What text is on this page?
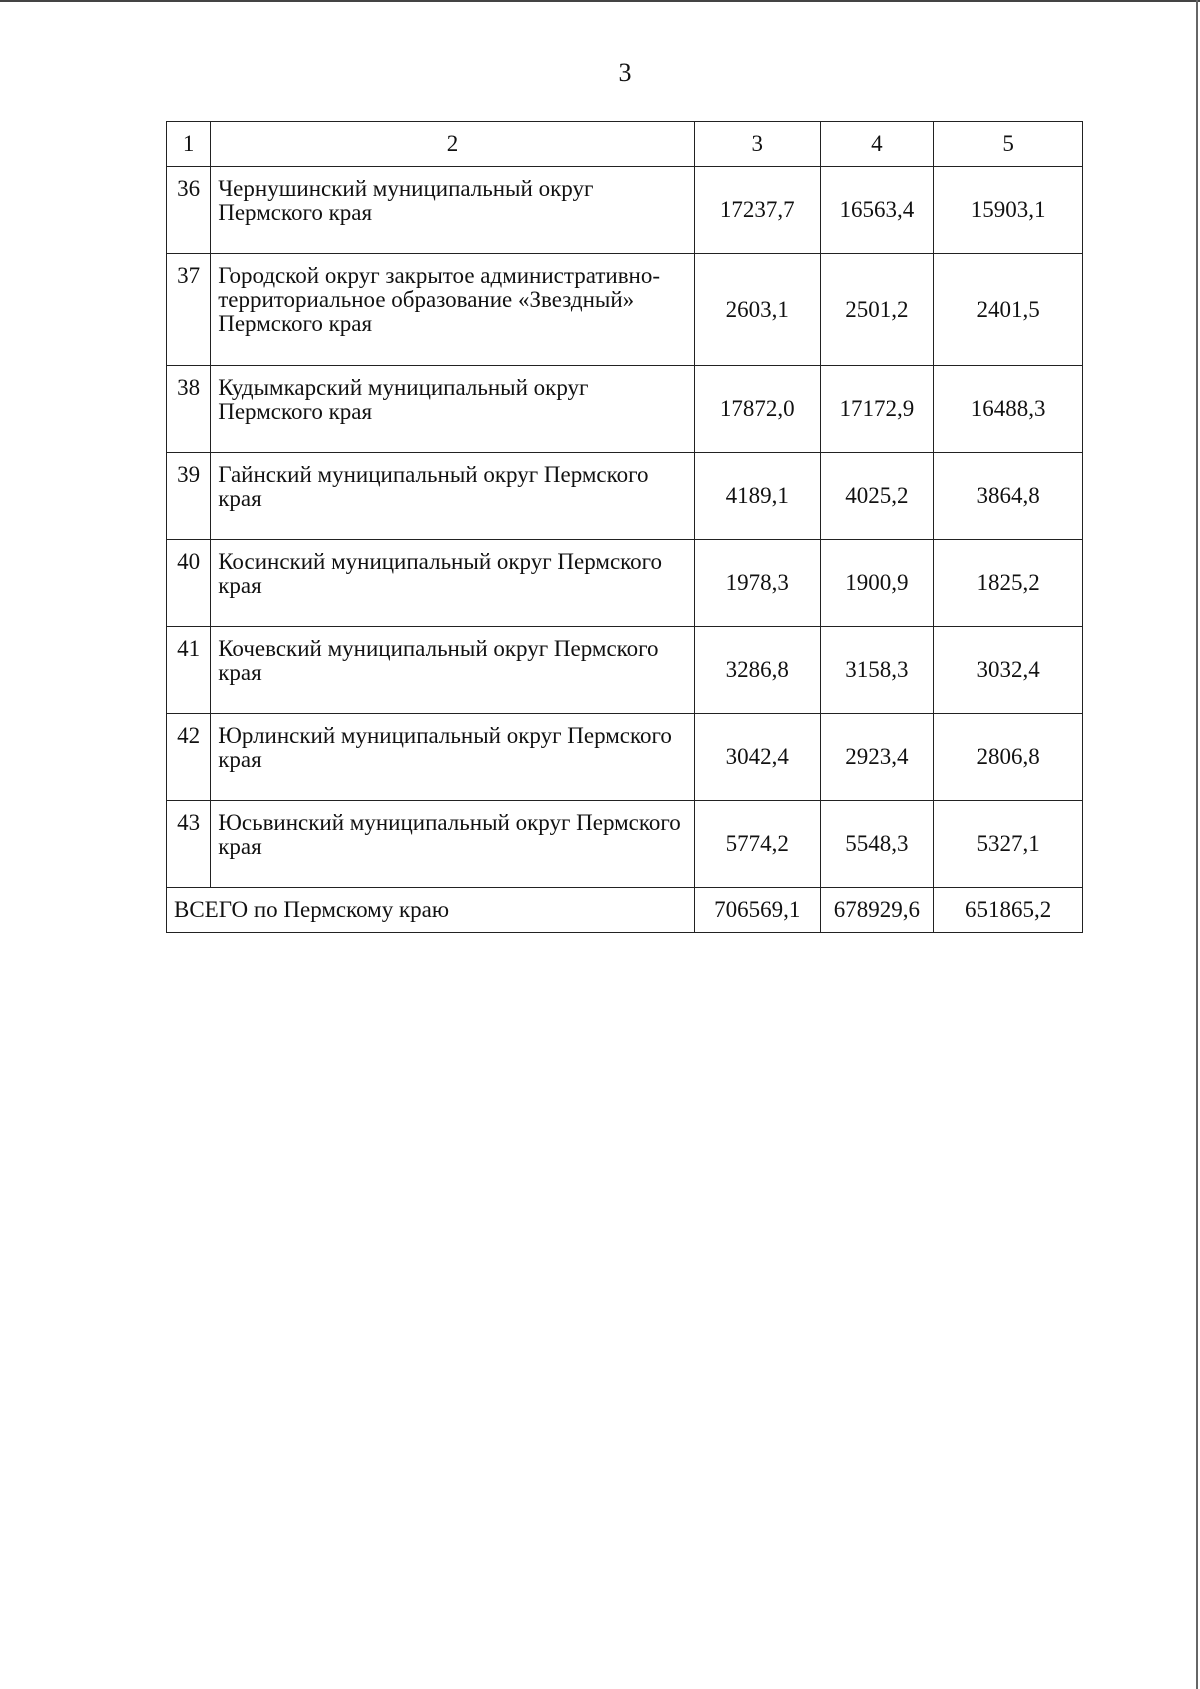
3
1	2	3	4	5
36	Чернушинский муниципальный округ Пермского края	17237,7	16563,4	15903,1
37	Городской округ закрытое административно-территориальное образование «Звездный» Пермского края	2603,1	2501,2	2401,5
38	Кудымкарский муниципальный округ Пермского края	17872,0	17172,9	16488,3
39	Гайнский муниципальный округ Пермского края	4189,1	4025,2	3864,8
40	Косинский муниципальный округ Пермского края	1978,3	1900,9	1825,2
41	Кочевский муниципальный округ Пермского края	3286,8	3158,3	3032,4
42	Юрлинский муниципальный округ Пермского края	3042,4	2923,4	2806,8
43	Юсьвинский муниципальный округ Пермского края	5774,2	5548,3	5327,1
ВСЕГО по Пермскому краю		706569,1	678929,6	651865,2
